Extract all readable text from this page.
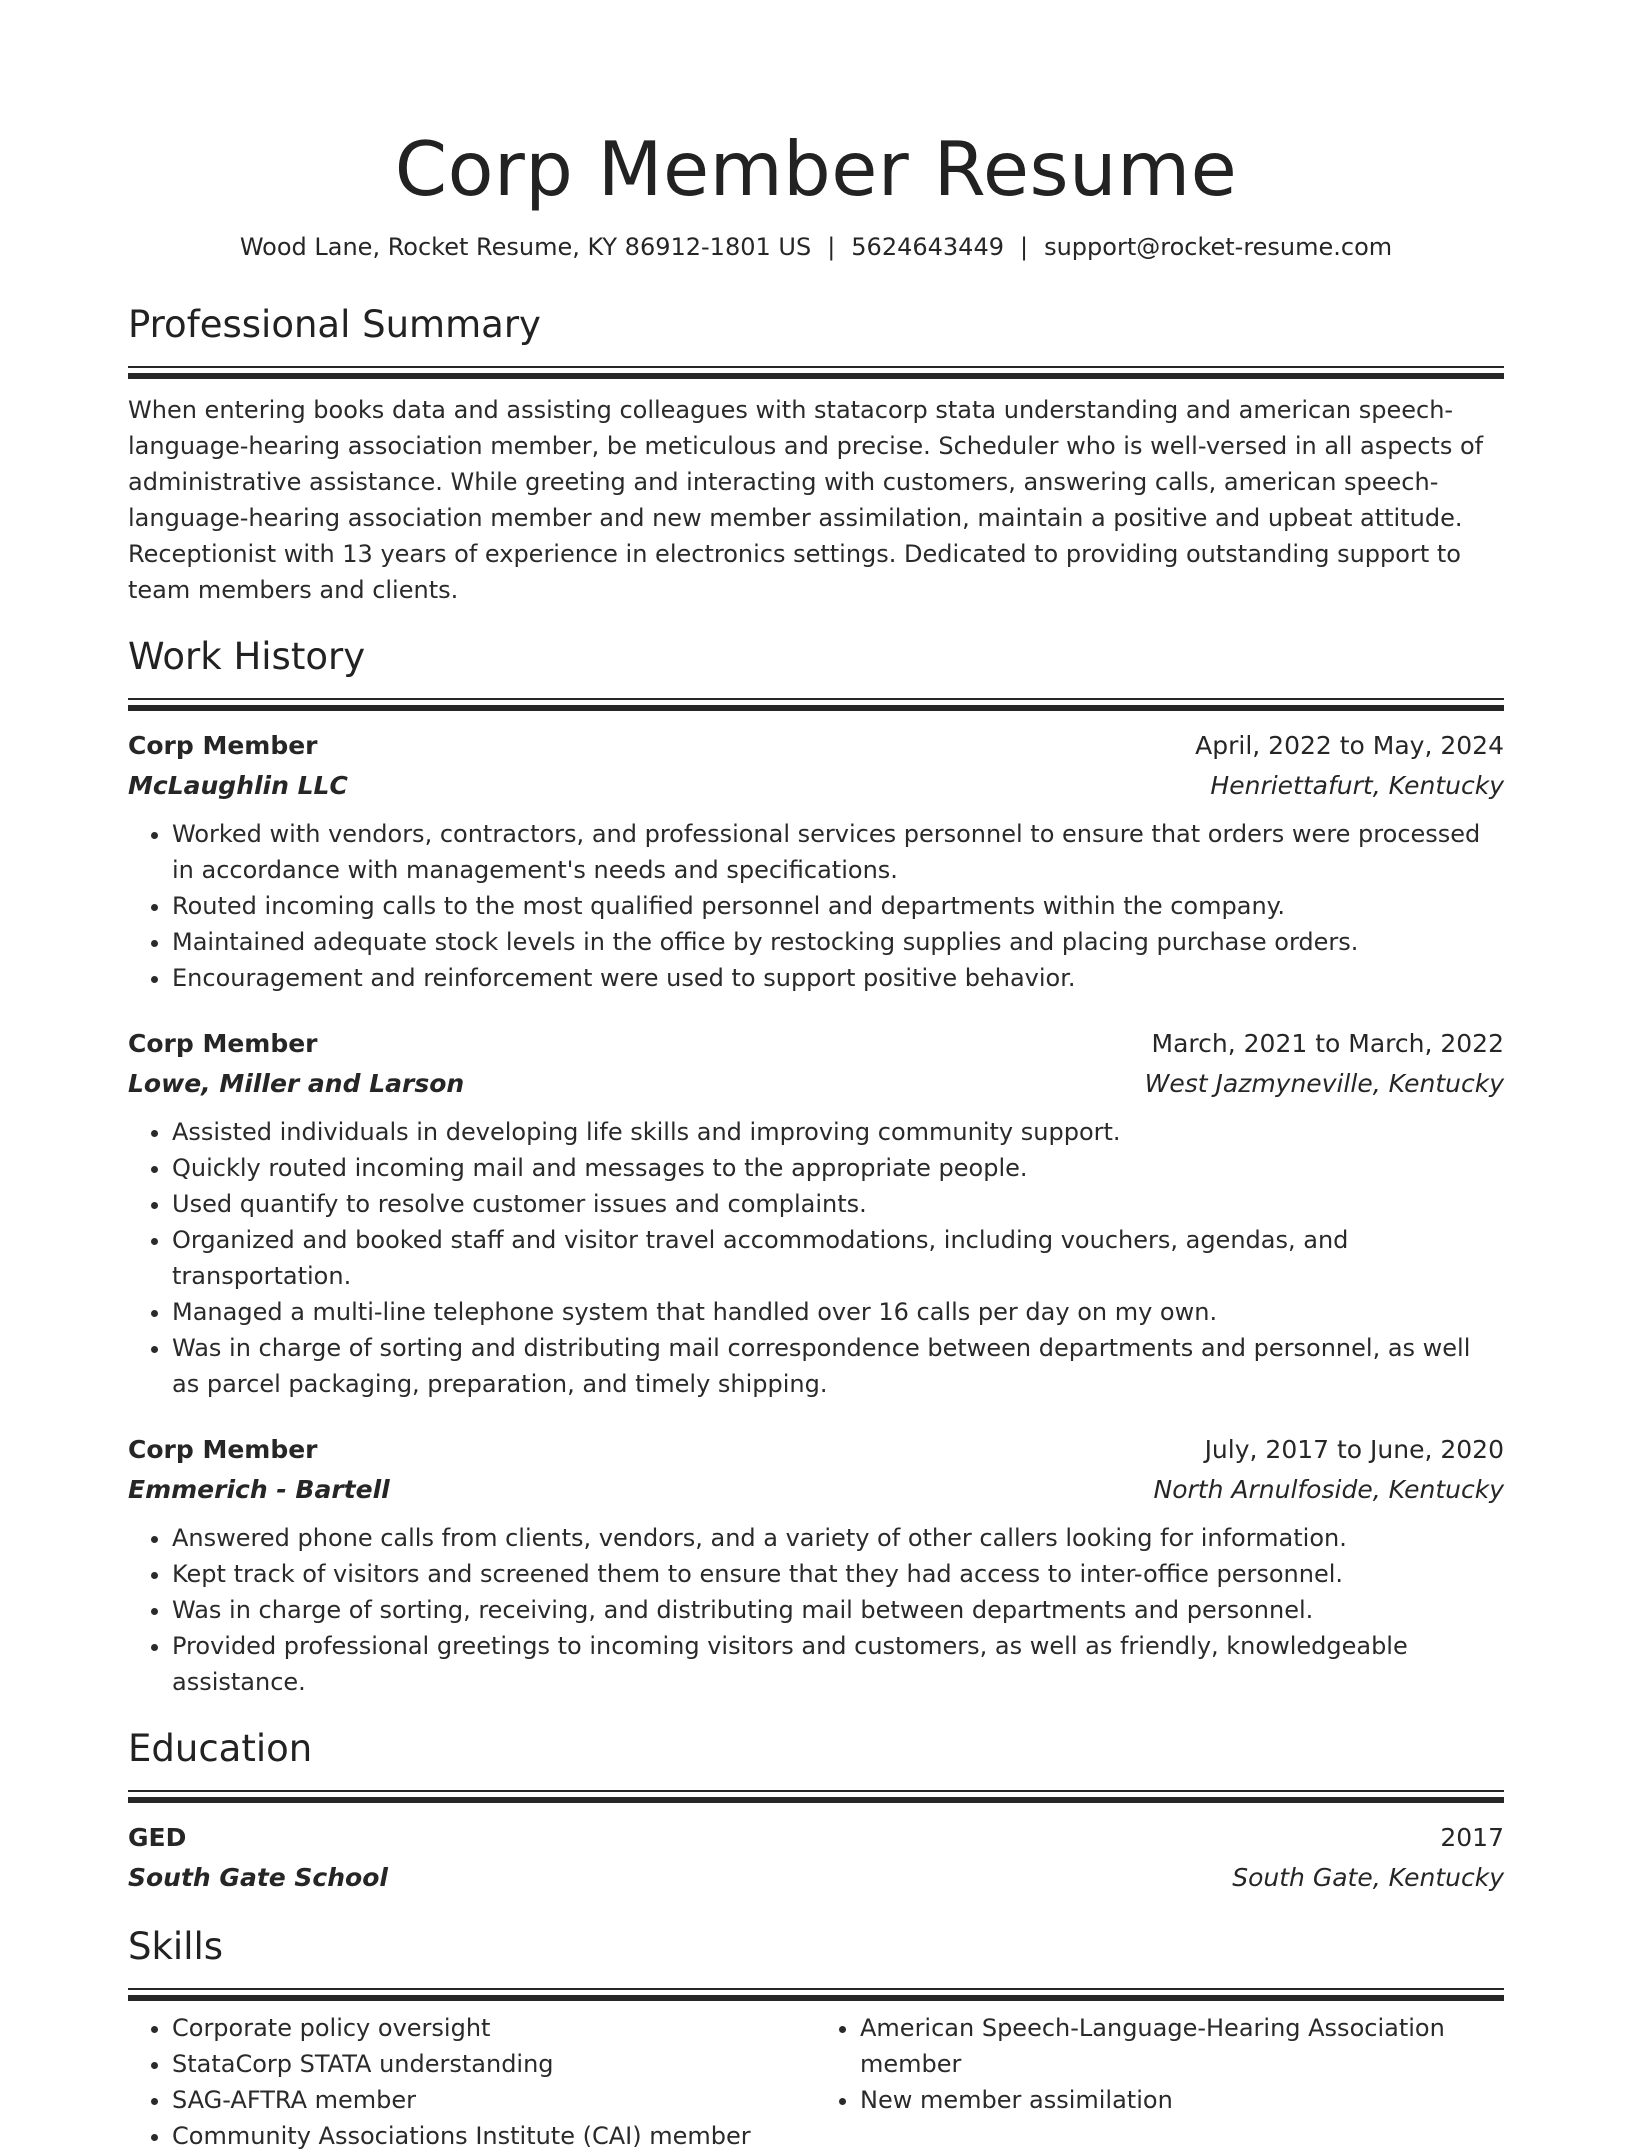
Corp Member Resume
Wood Lane, Rocket Resume, KY 86912-1801 US | 5624643449 | support@rocket-resume.com
Professional Summary
When entering books data and assisting colleagues with statacorp stata understanding and american speech-language-hearing association member, be meticulous and precise. Scheduler who is well-versed in all aspects of administrative assistance. While greeting and interacting with customers, answering calls, american speech-language-hearing association member and new member assimilation, maintain a positive and upbeat attitude. Receptionist with 13 years of experience in electronics settings. Dedicated to providing outstanding support to team members and clients.
Work History
Corp Member	April, 2022 to May, 2024
McLaughlin LLC	Henriettafurt, Kentucky
• Worked with vendors, contractors, and professional services personnel to ensure that orders were processed in accordance with management's needs and specifications.
• Routed incoming calls to the most qualified personnel and departments within the company.
• Maintained adequate stock levels in the office by restocking supplies and placing purchase orders.
• Encouragement and reinforcement were used to support positive behavior.
Corp Member	March, 2021 to March, 2022
Lowe, Miller and Larson	West Jazmyneville, Kentucky
• Assisted individuals in developing life skills and improving community support.
• Quickly routed incoming mail and messages to the appropriate people.
• Used quantify to resolve customer issues and complaints.
• Organized and booked staff and visitor travel accommodations, including vouchers, agendas, and transportation.
• Managed a multi-line telephone system that handled over 16 calls per day on my own.
• Was in charge of sorting and distributing mail correspondence between departments and personnel, as well as parcel packaging, preparation, and timely shipping.
Corp Member	July, 2017 to June, 2020
Emmerich - Bartell	North Arnulfoside, Kentucky
• Answered phone calls from clients, vendors, and a variety of other callers looking for information.
• Kept track of visitors and screened them to ensure that they had access to inter-office personnel.
• Was in charge of sorting, receiving, and distributing mail between departments and personnel.
• Provided professional greetings to incoming visitors and customers, as well as friendly, knowledgeable assistance.
Education
GED	2017
South Gate School	South Gate, Kentucky
Skills
• Corporate policy oversight
• StataCorp STATA understanding
• SAG-AFTRA member
• Community Associations Institute (CAI) member
• American Speech-Language-Hearing Association member
• New member assimilation
